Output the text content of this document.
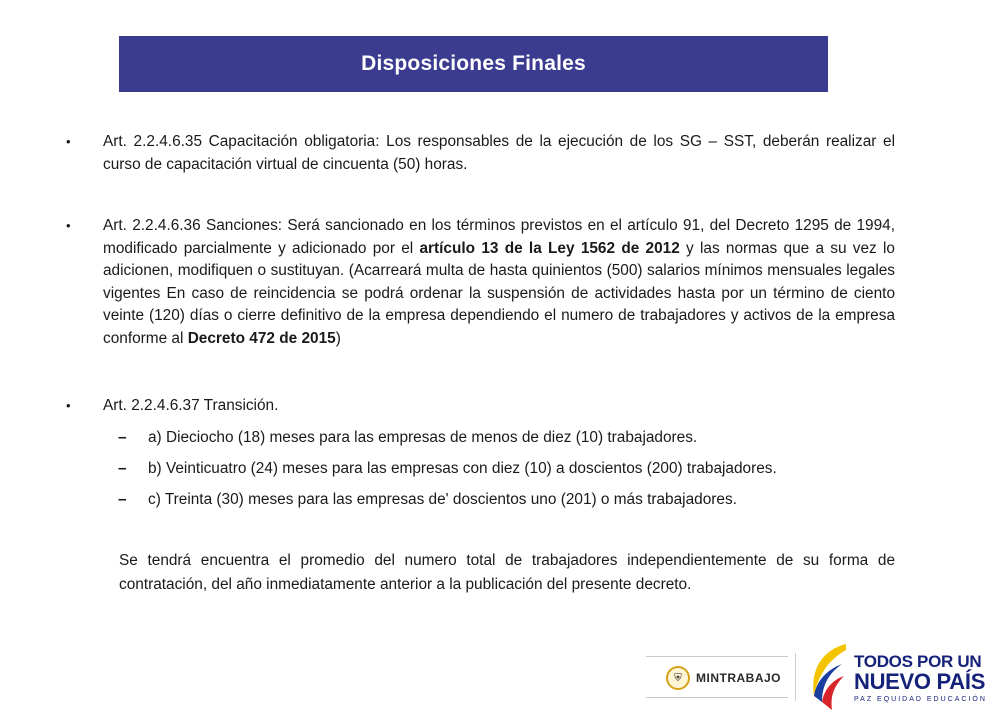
Disposiciones Finales
• Art. 2.2.4.6.35 Capacitación obligatoria: Los responsables de la ejecución de los SG – SST, deberán realizar el curso de capacitación virtual de cincuenta (50) horas.
• Art. 2.2.4.6.36 Sanciones: Será sancionado en los términos previstos en el artículo 91, del Decreto 1295 de 1994, modificado parcialmente y adicionado por el artículo 13 de la Ley 1562 de 2012 y las normas que a su vez lo adicionen, modifiquen o sustituyan. (Acarreará multa de hasta quinientos (500) salarios mínimos mensuales legales vigentes En caso de reincidencia se podrá ordenar la suspensión de actividades hasta por un término de ciento veinte (120) días o cierre definitivo de la empresa dependiendo el numero de trabajadores y activos de la empresa conforme al Decreto 472 de 2015)
• Art. 2.2.4.6.37 Transición.
– a) Dieciocho (18) meses para las empresas de menos de diez (10) trabajadores.
– b) Veinticuatro (24) meses para las empresas con diez (10) a doscientos (200) trabajadores.
– c) Treinta (30) meses para las empresas de' doscientos uno (201) o más trabajadores.
Se tendrá encuentra el promedio del numero total de trabajadores independientemente de su forma de contratación, del año inmediatamente anterior a la publicación del presente decreto.
⛨	MINTRABAJO
TODOS POR UN
NUEVO PAÍS
PAZ EQUIDAD EDUCACIÓN
